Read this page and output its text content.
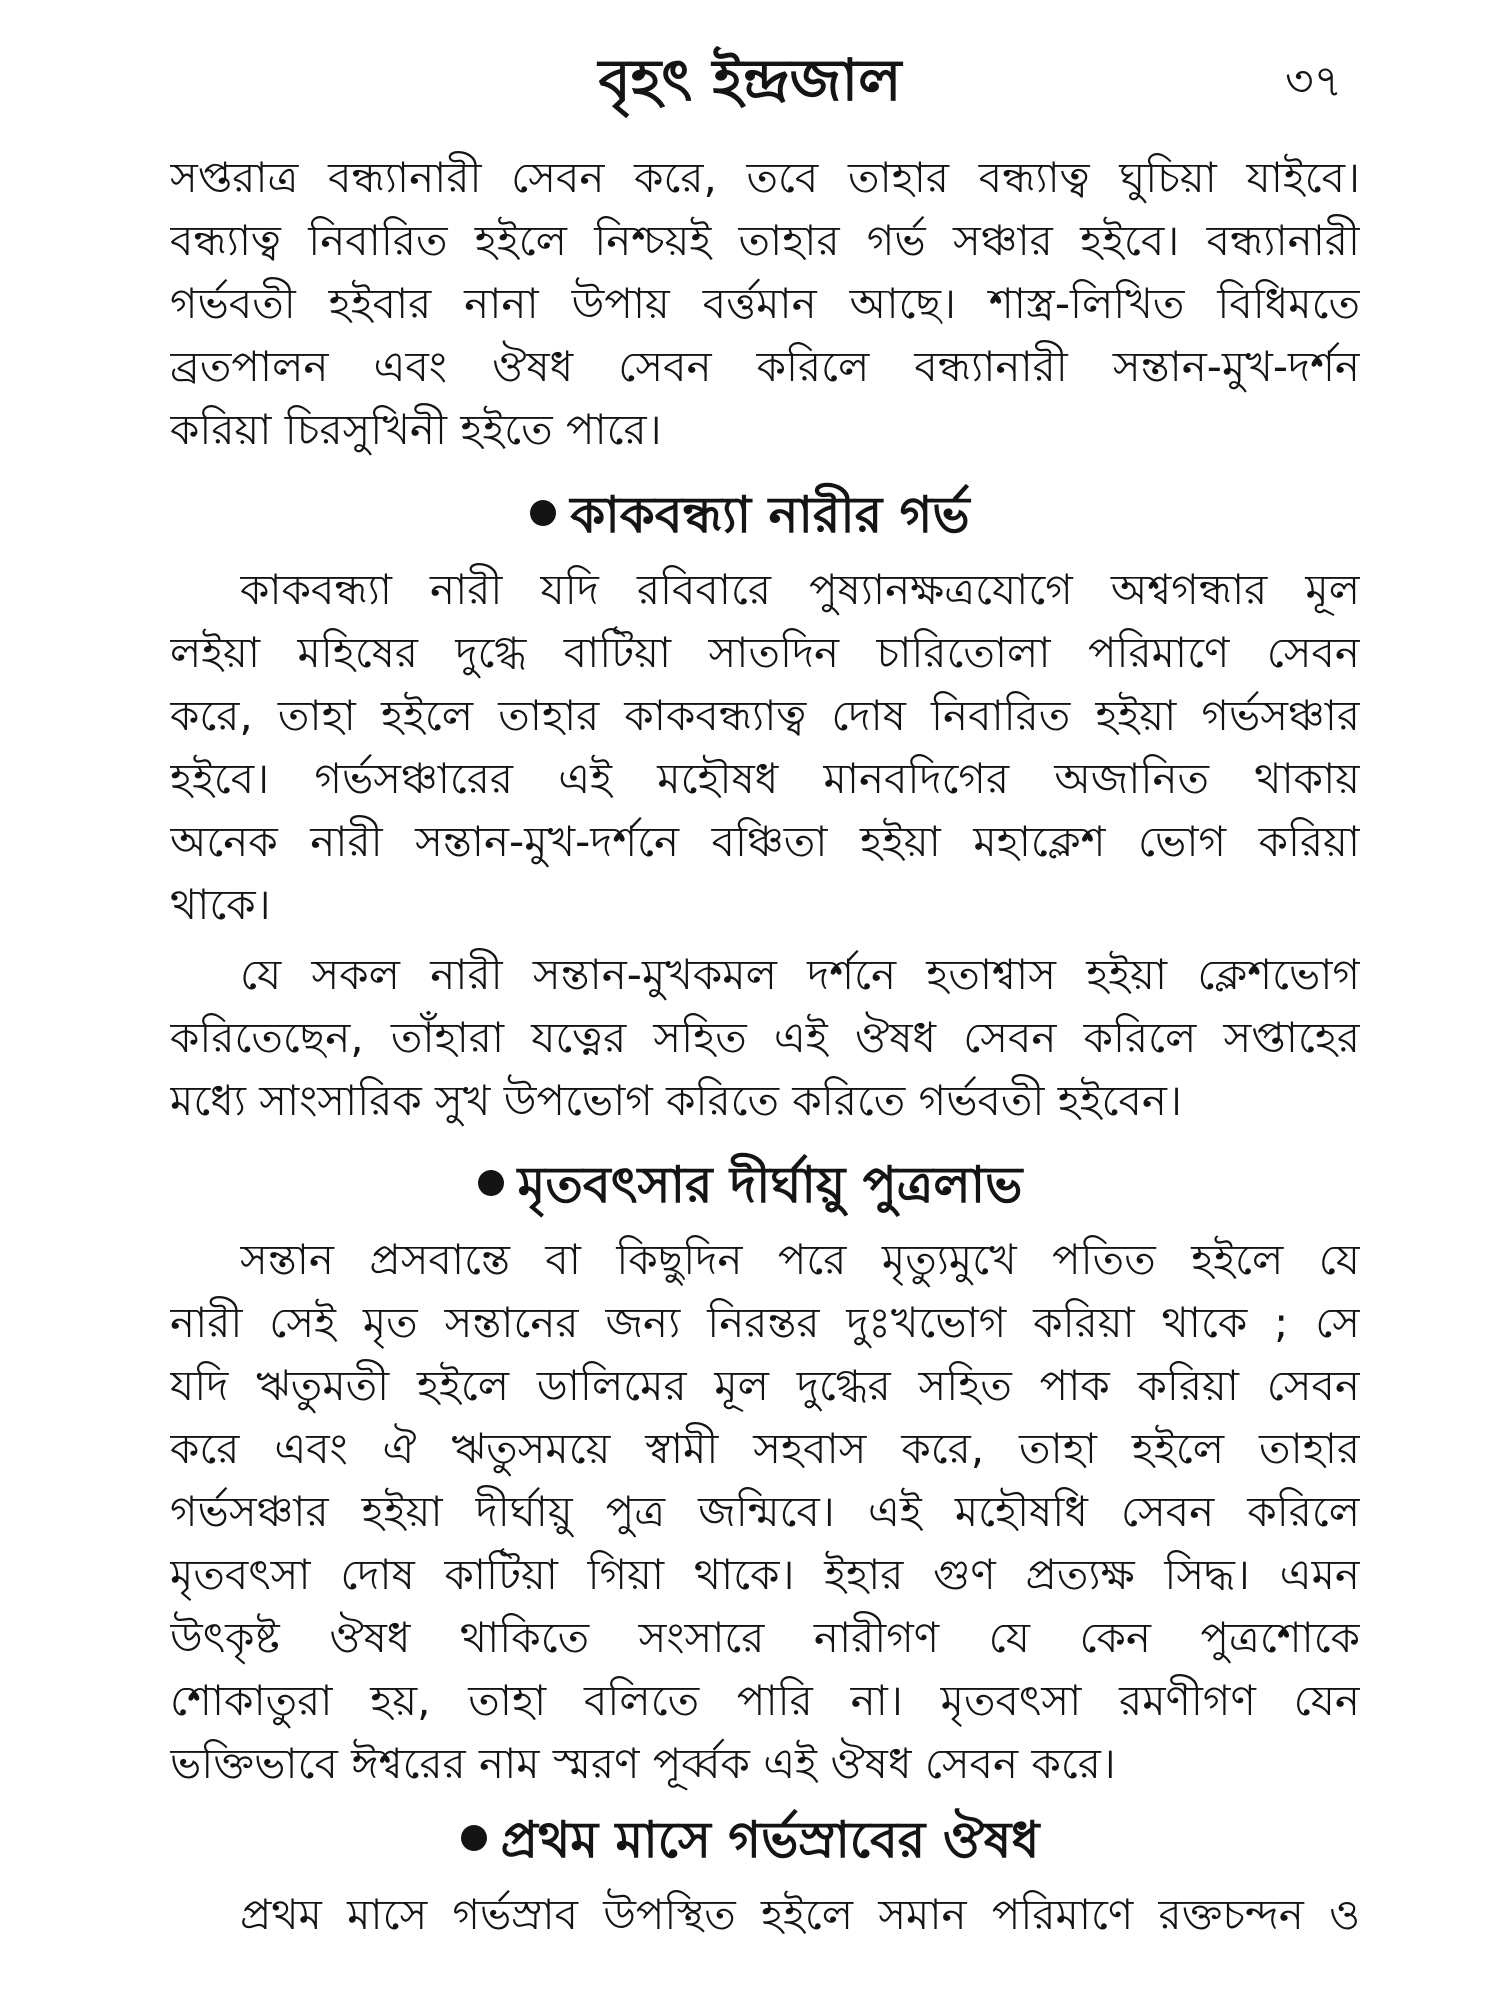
বৃহৎ ইন্দ্রজাল	৩৭
সপ্তরাত্র বন্ধ্যানারী সেবন করে, তবে তাহার বন্ধ্যাত্ব ঘুচিয়া যাইবে।
বন্ধ্যাত্ব নিবারিত হইলে নিশ্চয়ই তাহার গর্ভ সঞ্চার হইবে। বন্ধ্যানারী
গর্ভবতী হইবার নানা উপায় বর্ত্তমান আছে। শাস্ত্র-লিখিত বিধিমতে
ব্রতপালন এবং ঔষধ সেবন করিলে বন্ধ্যানারী সন্তান-মুখ-দর্শন
করিয়া চিরসুখিনী হইতে পারে।
কাকবন্ধ্যা নারীর গর্ভ
কাকবন্ধ্যা নারী যদি রবিবারে পুষ্যানক্ষত্রযোগে অশ্বগন্ধার মূল
লইয়া মহিষের দুগ্ধে বাটিয়া সাতদিন চারিতোলা পরিমাণে সেবন
করে, তাহা হইলে তাহার কাকবন্ধ্যাত্ব দোষ নিবারিত হইয়া গর্ভসঞ্চার
হইবে। গর্ভসঞ্চারের এই মহৌষধ মানবদিগের অজানিত থাকায়
অনেক নারী সন্তান-মুখ-দর্শনে বঞ্চিতা হইয়া মহাক্লেশ ভোগ করিয়া
থাকে।
যে সকল নারী সন্তান-মুখকমল দর্শনে হতাশ্বাস হইয়া ক্লেশভোগ
করিতেছেন, তাঁহারা যত্নের সহিত এই ঔষধ সেবন করিলে সপ্তাহের
মধ্যে সাংসারিক সুখ উপভোগ করিতে করিতে গর্ভবতী হইবেন।
মৃতবৎসার দীর্ঘায়ু পুত্রলাভ
সন্তান প্রসবান্তে বা কিছুদিন পরে মৃত্যুমুখে পতিত হইলে যে
নারী সেই মৃত সন্তানের জন্য নিরন্তর দুঃখভোগ করিয়া থাকে ; সে
যদি ঋতুমতী হইলে ডালিমের মূল দুগ্ধের সহিত পাক করিয়া সেবন
করে এবং ঐ ঋতুসময়ে স্বামী সহবাস করে, তাহা হইলে তাহার
গর্ভসঞ্চার হইয়া দীর্ঘায়ু পুত্র জন্মিবে। এই মহৌষধি সেবন করিলে
মৃতবৎসা দোষ কাটিয়া গিয়া থাকে। ইহার গুণ প্রত্যক্ষ সিদ্ধ। এমন
উৎকৃষ্ট ঔষধ থাকিতে সংসারে নারীগণ যে কেন পুত্রশোকে
শোকাতুরা হয়, তাহা বলিতে পারি না। মৃতবৎসা রমণীগণ যেন
ভক্তিভাবে ঈশ্বরের নাম স্মরণ পূর্ব্বক এই ঔষধ সেবন করে।
প্রথম মাসে গর্ভস্রাবের ঔষধ
প্রথম মাসে গর্ভস্রাব উপস্থিত হইলে সমান পরিমাণে রক্তচন্দন ও
